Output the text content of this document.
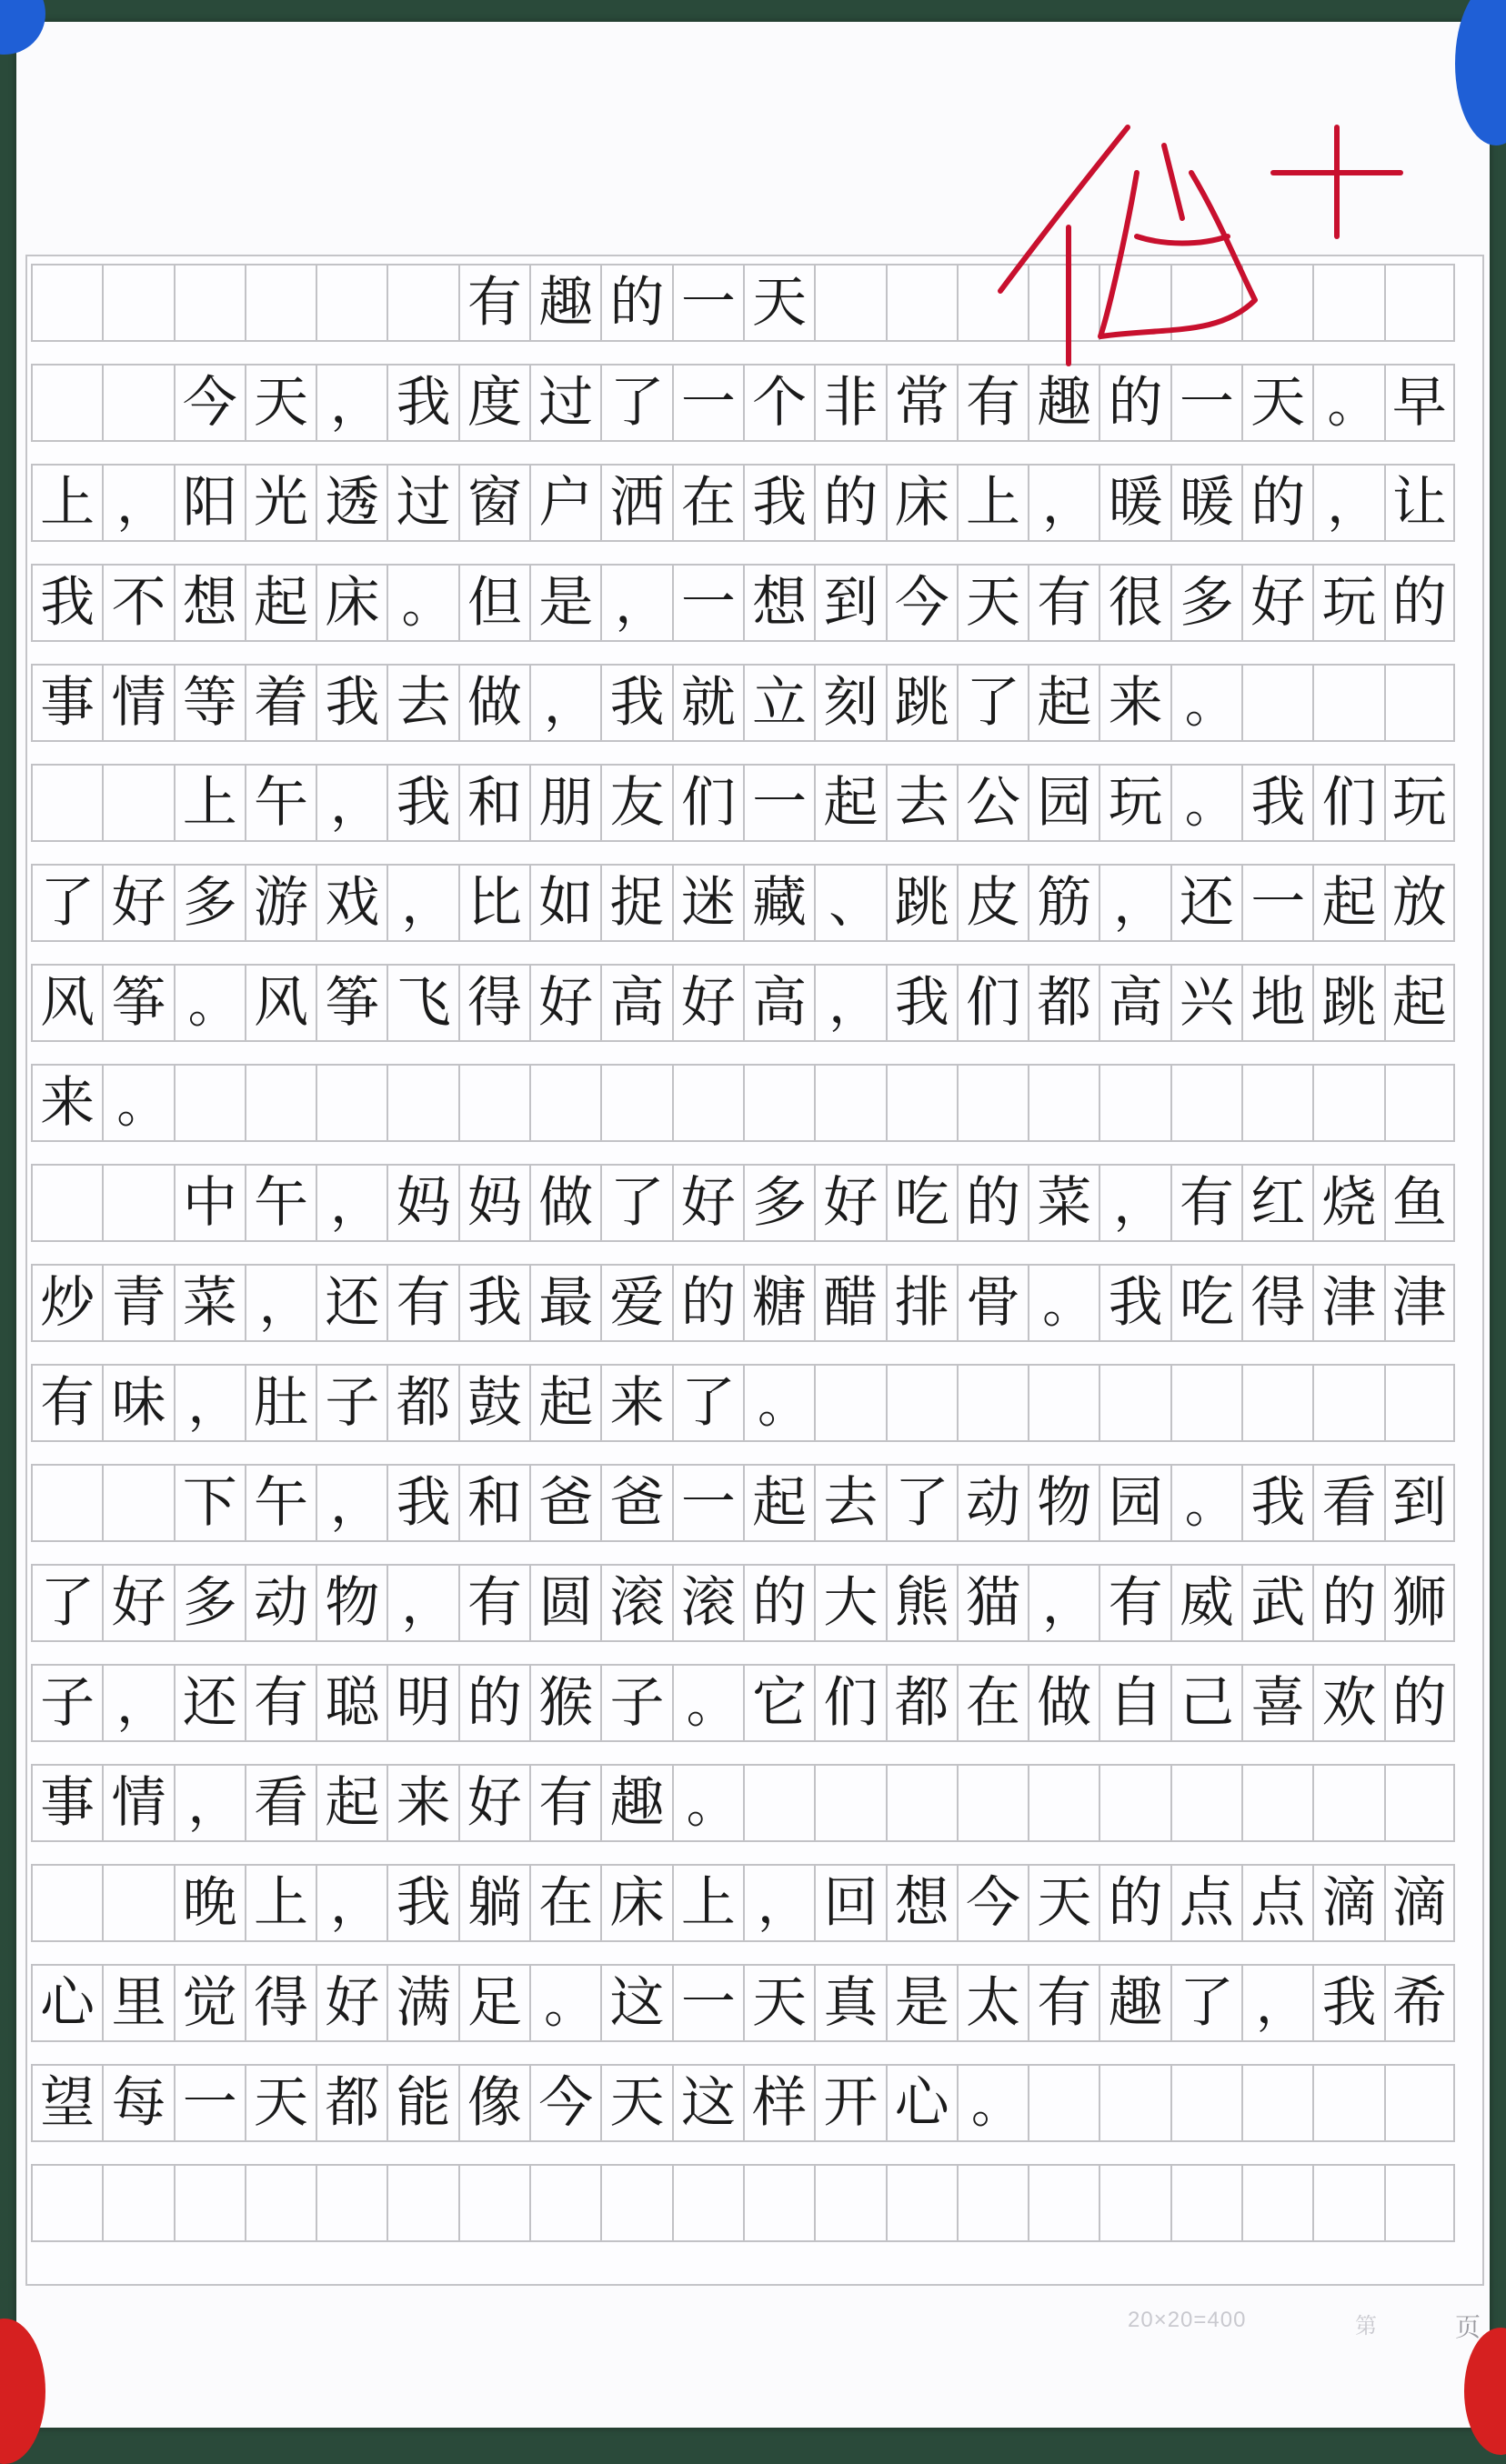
有 趣 的 一 天
今 天 ， 我 度 过 了 一 个 非 常 有 趣 的 一 天 。 早
上 ， 阳 光 透 过 窗 户 洒 在 我 的 床 上 ， 暖 暖 的 ， 让
我 不 想 起 床 。 但 是 ， 一 想 到 今 天 有 很 多 好 玩 的
事 情 等 着 我 去 做 ， 我 就 立 刻 跳 了 起 来 。
上 午 ， 我 和 朋 友 们 一 起 去 公 园 玩 。 我 们 玩
了 好 多 游 戏 ， 比 如 捉 迷 藏 、 跳 皮 筋 ， 还 一 起 放
风 筝 。 风 筝 飞 得 好 高 好 高 ， 我 们 都 高 兴 地 跳 起
来 。
中 午 ， 妈 妈 做 了 好 多 好 吃 的 菜 ， 有 红 烧 鱼
炒 青 菜 ， 还 有 我 最 爱 的 糖 醋 排 骨 。 我 吃 得 津 津
有 味 ， 肚 子 都 鼓 起 来 了 。
下 午 ， 我 和 爸 爸 一 起 去 了 动 物 园 。 我 看 到
了 好 多 动 物 ， 有 圆 滚 滚 的 大 熊 猫 ， 有 威 武 的 狮
子 ， 还 有 聪 明 的 猴 子 。 它 们 都 在 做 自 己 喜 欢 的
事 情 ， 看 起 来 好 有 趣 。
晚 上 ， 我 躺 在 床 上 ， 回 想 今 天 的 点 点 滴 滴
心 里 觉 得 好 满 足 。 这 一 天 真 是 太 有 趣 了 ， 我 希
望 每 一 天 都 能 像 今 天 这 样 开 心 。
20×20=400	第	页
